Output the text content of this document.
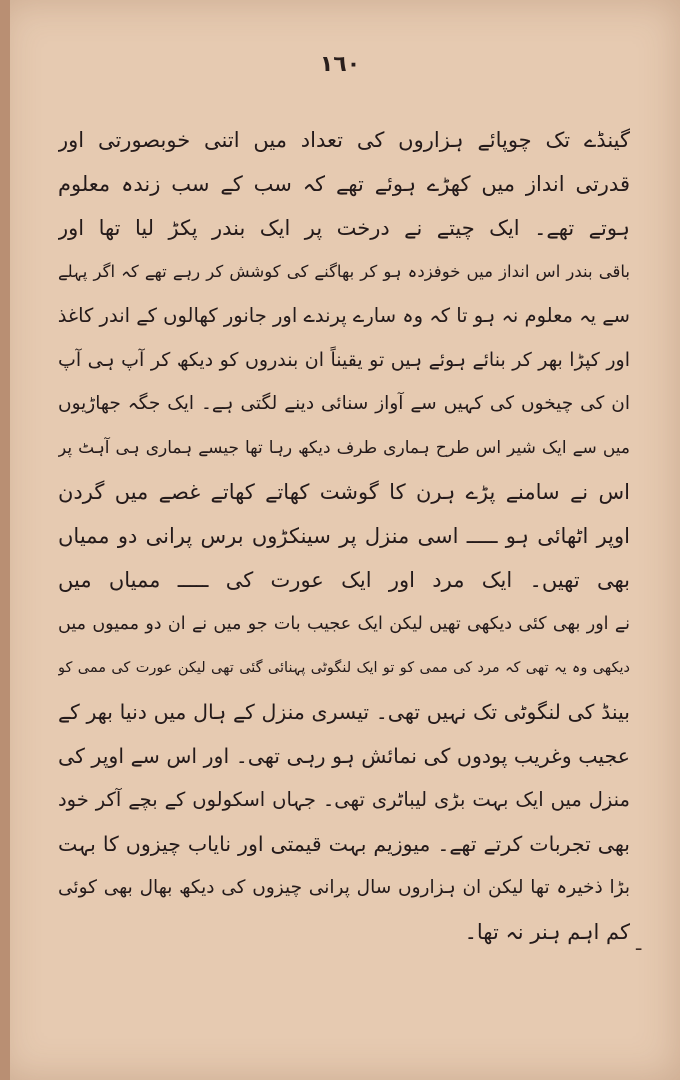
١٦٠
گینڈے تک چوپائے ہزاروں کی تعداد میں اتنی خوبصورتی اور
قدرتی انداز میں کھڑے ہوئے تھے کہ سب کے سب زندہ معلوم
ہوتے تھے۔ ایک چیتے نے درخت پر ایک بندر پکڑ لیا تھا اور
باقی بندر اس انداز میں خوفزدہ ہو کر بھاگنے کی کوشش کر رہے تھے کہ اگر پہلے
سے یہ معلوم نہ ہو تا کہ وہ سارے پرندے اور جانور کھالوں کے اندر کاغذ
اور کپڑا بھر کر بنائے ہوئے ہیں تو یقیناً ان بندروں کو دیکھ کر آپ ہی آپ
ان کی چیخوں کی کہیں سے آواز سنائی دینے لگتی ہے۔ ایک جگہ جھاڑیوں
میں سے ایک شیر اس طرح ہماری طرف دیکھ رہا تھا جیسے ہماری ہی آہٹ پر
اس نے سامنے پڑے ہرن کا گوشت کھاتے کھاتے غصے میں گردن
اوپر اٹھائی ہو ـــــ اسی منزل پر سینکڑوں برس پرانی دو ممیاں
بھی تھیں۔ ایک مرد اور ایک عورت کی ـــــ ممیاں میں
نے اور بھی کئی دیکھی تھیں لیکن ایک عجیب بات جو میں نے ان دو ممیوں میں
دیکھی وہ یہ تھی کہ مرد کی ممی کو تو ایک لنگوٹی پہنائی گئی تھی لیکن عورت کی ممی کو
بینڈ کی لنگوٹی تک نہیں تھی۔ تیسری منزل کے ہال میں دنیا بھر کے
عجیب وغریب پودوں کی نمائش ہو رہی تھی۔ اور اس سے اوپر کی
منزل میں ایک بہت بڑی لیباٹری تھی۔ جہاں اسکولوں کے بچے آکر خود
بھی تجربات کرتے تھے۔ میوزیم بہت قیمتی اور نایاب چیزوں کا بہت
بڑا ذخیرہ تھا لیکن ان ہزاروں سال پرانی چیزوں کی دیکھ بھال بھی کوئی
کم اہم ہنر نہ تھا۔
ـ
